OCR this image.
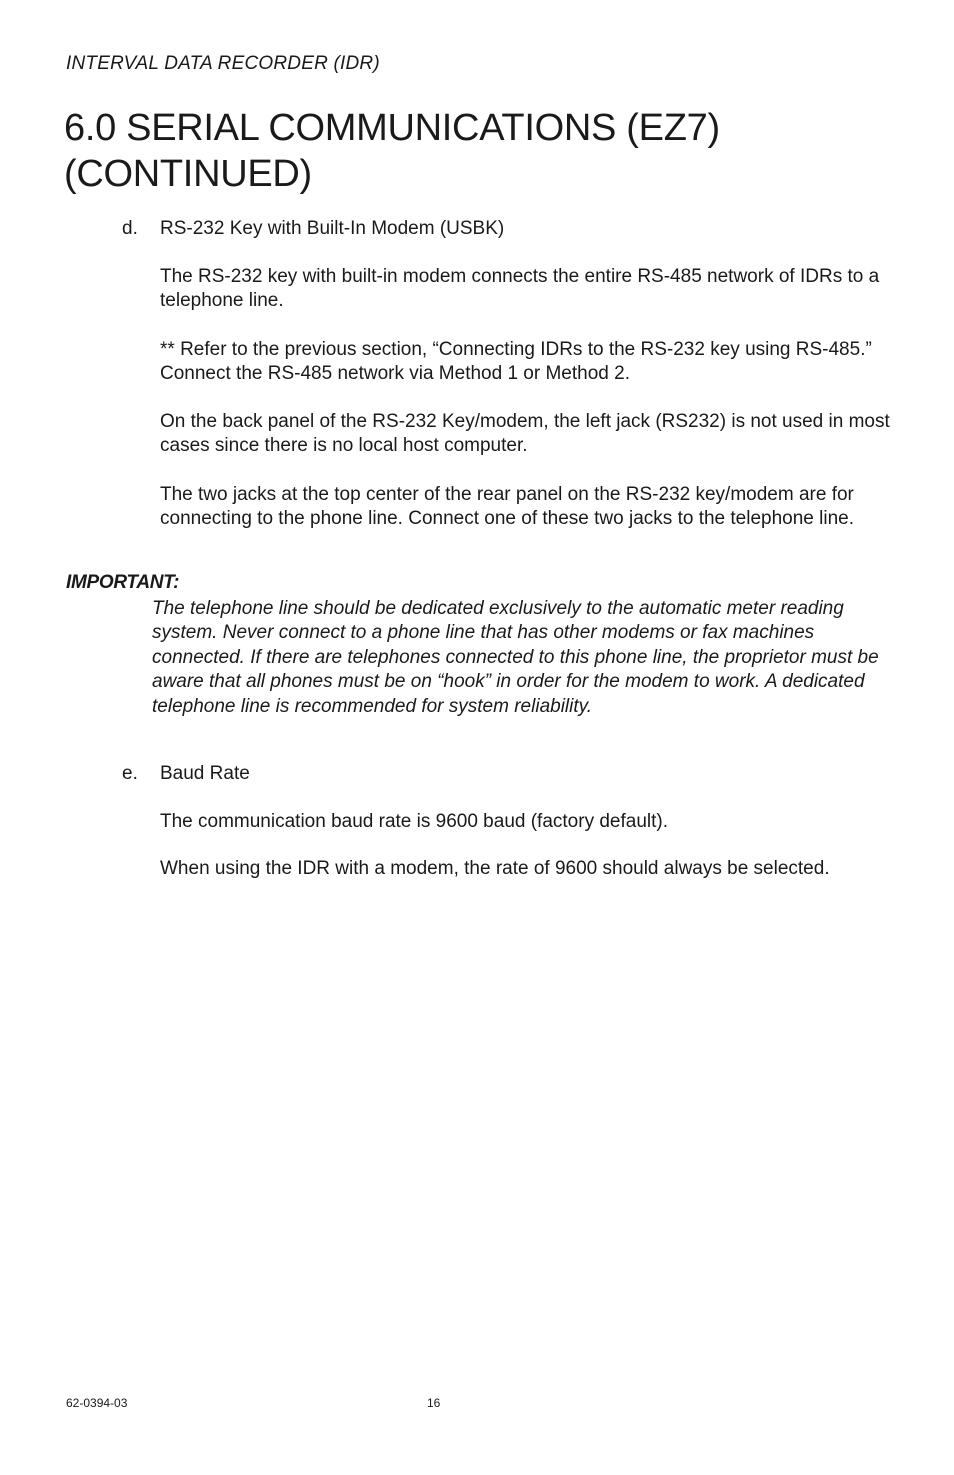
INTERVAL DATA RECORDER (IDR)
6.0 SERIAL COMMUNICATIONS (EZ7)
(CONTINUED)
d. RS-232 Key with Built-In Modem (USBK)

The RS-232 key with built-in modem connects the entire RS-485 network of IDRs to a telephone line.

** Refer to the previous section, “Connecting IDRs to the RS-232 key using RS-485.” Connect the RS-485 network via Method 1 or Method 2.

On the back panel of the RS-232 Key/modem, the left jack (RS232) is not used in most cases since there is no local host computer.

The two jacks at the top center of the rear panel on the RS-232 key/modem are for connecting to the phone line. Connect one of these two jacks to the telephone line.

IMPORTANT:

The telephone line should be dedicated exclusively to the automatic meter reading system. Never connect to a phone line that has other modems or fax machines connected. If there are telephones connected to this phone line, the proprietor must be aware that all phones must be on “hook” in order for the modem to work. A dedicated telephone line is recommended for system reliability.

e. Baud Rate

The communication baud rate is 9600 baud (factory default).

When using the IDR with a modem, the rate of 9600 should always be selected.

62-0394-03	16
